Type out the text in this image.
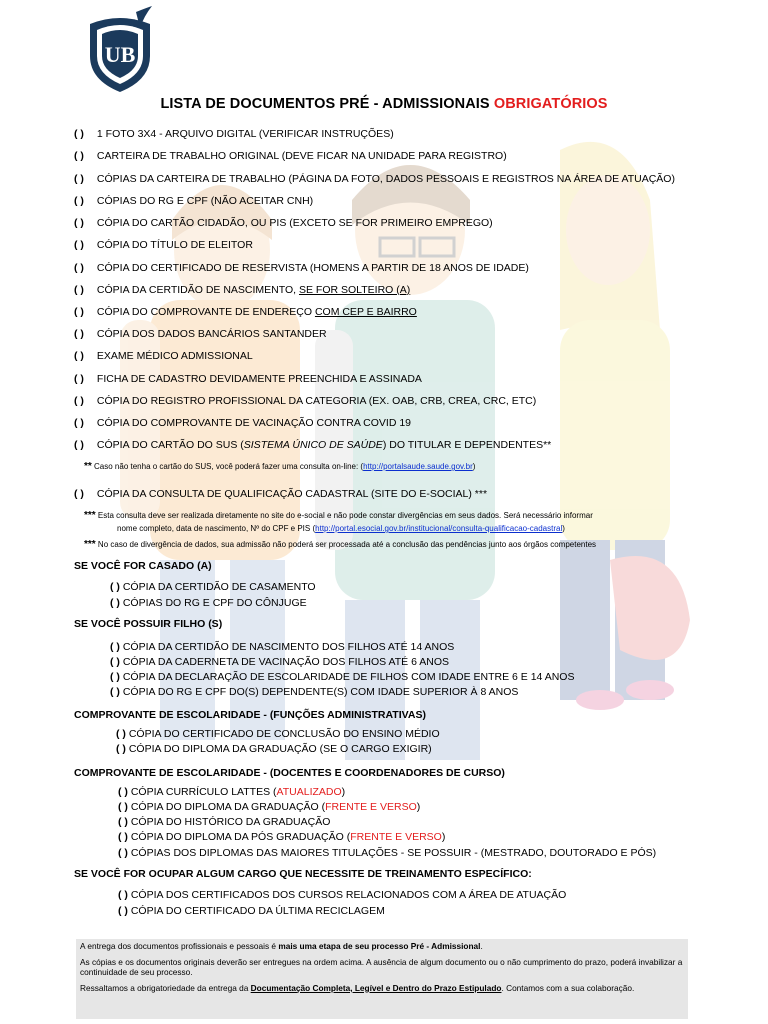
UB
LISTA DE DOCUMENTOS PRÉ - ADMISSIONAIS OBRIGATÓRIOS
( ) 1 FOTO 3X4 - ARQUIVO DIGITAL (VERIFICAR INSTRUÇÕES)
( ) CARTEIRA DE TRABALHO ORIGINAL (DEVE FICAR NA UNIDADE PARA REGISTRO)
( ) CÓPIAS DA CARTEIRA DE TRABALHO (PÁGINA DA FOTO, DADOS PESSOAIS E REGISTROS NA ÁREA DE ATUAÇÃO)
( ) CÓPIAS DO RG E CPF (NÃO ACEITAR CNH)
( ) CÓPIA DO CARTÃO CIDADÃO, OU PIS (EXCETO SE FOR PRIMEIRO EMPREGO)
( ) CÓPIA DO TÍTULO DE ELEITOR
( ) CÓPIA DO CERTIFICADO DE RESERVISTA (HOMENS A PARTIR DE 18 ANOS DE IDADE)
( ) CÓPIA DA CERTIDÃO DE NASCIMENTO, SE FOR SOLTEIRO (A)
( ) CÓPIA DO COMPROVANTE DE ENDEREÇO COM CEP E BAIRRO
( ) CÓPIA DOS DADOS BANCÁRIOS SANTANDER
( ) EXAME MÉDICO ADMISSIONAL
( ) FICHA DE CADASTRO DEVIDAMENTE PREENCHIDA E ASSINADA
( ) CÓPIA DO REGISTRO PROFISSIONAL DA CATEGORIA (EX. OAB, CRB, CREA, CRC, ETC)
( ) CÓPIA DO COMPROVANTE DE VACINAÇÃO CONTRA COVID 19
( ) CÓPIA DO CARTÃO DO SUS (SISTEMA ÚNICO DE SAÚDE) DO TITULAR E DEPENDENTES**
** Caso não tenha o cartão do SUS, você poderá fazer uma consulta on-line: (http://portalsaude.saude.gov.br)
( ) CÓPIA DA CONSULTA DE QUALIFICAÇÃO CADASTRAL (SITE DO E-SOCIAL) ***
*** Esta consulta deve ser realizada diretamente no site do e-social e não pode constar divergências em seus dados. Será necessário informar
nome completo, data de nascimento, Nº do CPF e PIS (http://portal.esocial.gov.br/institucional/consulta-qualificacao-cadastral)
*** No caso de divergência de dados, sua admissão não poderá ser processada até a conclusão das pendências junto aos órgãos competentes
SE VOCÊ FOR CASADO (A)
( ) CÓPIA DA CERTIDÃO DE CASAMENTO
( ) CÓPIAS DO RG E CPF DO CÔNJUGE
SE VOCÊ POSSUIR FILHO (S)
( ) CÓPIA DA CERTIDÃO DE NASCIMENTO DOS FILHOS ATÉ 14 ANOS
( ) CÓPIA DA CADERNETA DE VACINAÇÃO DOS FILHOS ATÉ 6 ANOS
( ) CÓPIA DA DECLARAÇÃO DE ESCOLARIDADE DE FILHOS COM IDADE ENTRE 6 E 14 ANOS
( ) CÓPIA DO RG E CPF DO(S) DEPENDENTE(S) COM IDADE SUPERIOR À 8 ANOS
COMPROVANTE DE ESCOLARIDADE - (FUNÇÕES ADMINISTRATIVAS)
( ) CÓPIA DO CERTIFICADO DE CONCLUSÃO DO ENSINO MÉDIO
( ) CÓPIA DO DIPLOMA DA GRADUAÇÃO (SE O CARGO EXIGIR)
COMPROVANTE DE ESCOLARIDADE - (DOCENTES E COORDENADORES DE CURSO)
( ) CÓPIA CURRÍCULO LATTES (ATUALIZADO)
( ) CÓPIA DO DIPLOMA DA GRADUAÇÃO (FRENTE E VERSO)
( ) CÓPIA DO HISTÓRICO DA GRADUAÇÃO
( ) CÓPIA DO DIPLOMA DA PÓS GRADUAÇÃO (FRENTE E VERSO)
( ) CÓPIAS DOS DIPLOMAS DAS MAIORES TITULAÇÕES - SE POSSUIR - (MESTRADO, DOUTORADO E PÓS)
SE VOCÊ FOR OCUPAR ALGUM CARGO QUE NECESSITE DE TREINAMENTO ESPECÍFICO:
( ) CÓPIA DOS CERTIFICADOS DOS CURSOS RELACIONADOS COM A ÁREA DE ATUAÇÃO
( ) CÓPIA DO CERTIFICADO DA ÚLTIMA RECICLAGEM

A entrega dos documentos profissionais e pessoais é mais uma etapa de seu processo Pré - Admissional.

As cópias e os documentos originais deverão ser entregues na ordem acima. A ausência de algum documento ou o não cumprimento do prazo, poderá invabilizar a continuidade de seu processo.

Ressaltamos a obrigatoriedade da entrega da Documentação Completa, Legível e Dentro do Prazo Estipulado. Contamos com a sua colaboração.
